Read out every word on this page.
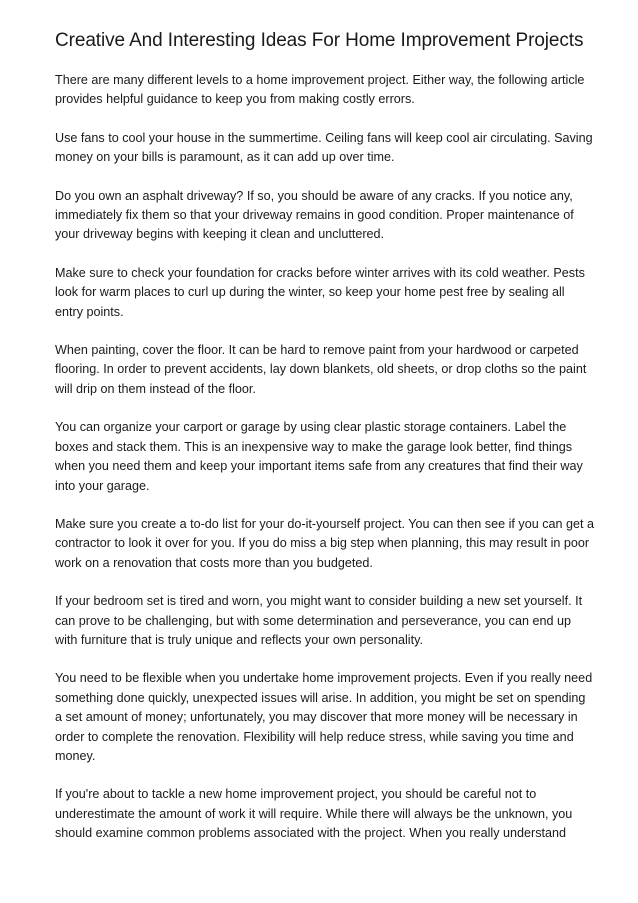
Creative And Interesting Ideas For Home Improvement Projects

There are many different levels to a home improvement project. Either way, the following article provides helpful guidance to keep you from making costly errors.

Use fans to cool your house in the summertime. Ceiling fans will keep cool air circulating. Saving money on your bills is paramount, as it can add up over time.

Do you own an asphalt driveway? If so, you should be aware of any cracks. If you notice any, immediately fix them so that your driveway remains in good condition. Proper maintenance of your driveway begins with keeping it clean and uncluttered.

Make sure to check your foundation for cracks before winter arrives with its cold weather. Pests look for warm places to curl up during the winter, so keep your home pest free by sealing all entry points.

When painting, cover the floor. It can be hard to remove paint from your hardwood or carpeted flooring. In order to prevent accidents, lay down blankets, old sheets, or drop cloths so the paint will drip on them instead of the floor.

You can organize your carport or garage by using clear plastic storage containers. Label the boxes and stack them. This is an inexpensive way to make the garage look better, find things when you need them and keep your important items safe from any creatures that find their way into your garage.

Make sure you create a to-do list for your do-it-yourself project. You can then see if you can get a contractor to look it over for you. If you do miss a big step when planning, this may result in poor work on a renovation that costs more than you budgeted.

If your bedroom set is tired and worn, you might want to consider building a new set yourself. It can prove to be challenging, but with some determination and perseverance, you can end up with furniture that is truly unique and reflects your own personality.

You need to be flexible when you undertake home improvement projects. Even if you really need something done quickly, unexpected issues will arise. In addition, you might be set on spending a set amount of money; unfortunately, you may discover that more money will be necessary in order to complete the renovation. Flexibility will help reduce stress, while saving you time and money.

If you're about to tackle a new home improvement project, you should be careful not to underestimate the amount of work it will require. While there will always be the unknown, you should examine common problems associated with the project. When you really understand
